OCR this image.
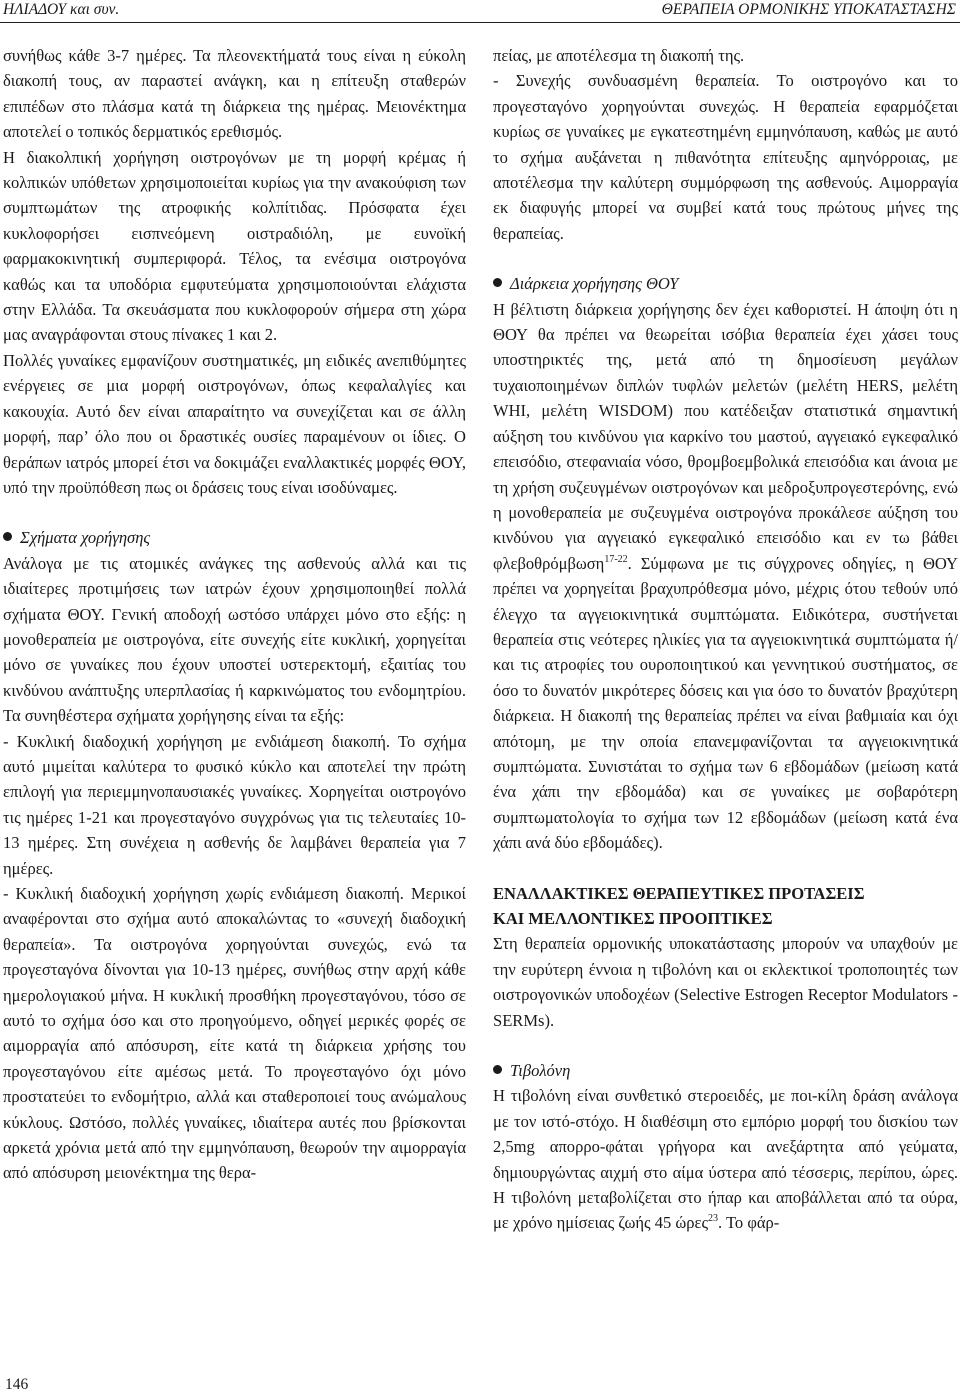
ΗΛΙΑΔΟΥ και συν.	ΘΕΡΑΠΕΙΑ ΟΡΜΟΝΙΚΗΣ ΥΠΟΚΑΤΑΣΤΑΣΗΣ

συνήθως κάθε 3-7 ημέρες. Τα πλεονεκτήματά τους είναι η εύκολη διακοπή τους, αν παραστεί ανάγκη, και η επίτευξη σταθερών επιπέδων στο πλάσμα κατά τη διάρκεια της ημέρας. Μειονέκτημα αποτελεί ο τοπικός δερματικός ερεθισμός.

Η διακολπική χορήγηση οιστρογόνων με τη μορφή κρέμας ή κολπικών υπόθετων χρησιμοποιείται κυρίως για την ανακούφιση των συμπτωμάτων της ατροφικής κολπίτιδας. Πρόσφατα έχει κυκλοφορήσει εισπνεόμενη οιστραδιόλη, με ευνοϊκή φαρμακοκινητική συμπεριφορά. Τέλος, τα ενέσιμα οιστρογόνα καθώς και τα υποδόρια εμφυτεύματα χρησιμοποιούνται ελάχιστα στην Ελλάδα. Τα σκευάσματα που κυκλοφορούν σήμερα στη χώρα μας αναγράφονται στους πίνακες 1 και 2.

Πολλές γυναίκες εμφανίζουν συστηματικές, μη ειδικές ανεπιθύμητες ενέργειες σε μια μορφή οιστρογόνων, όπως κεφαλαλγίες και κακουχία. Αυτό δεν είναι απαραίτητο να συνεχίζεται και σε άλλη μορφή, παρ’ όλο που οι δραστικές ουσίες παραμένουν οι ίδιες. Ο θεράπων ιατρός μπορεί έτσι να δοκιμάζει εναλλακτικές μορφές ΘΟΥ, υπό την προϋπόθεση πως οι δράσεις τους είναι ισοδύναμες.

Σχήματα χορήγησης

Ανάλογα με τις ατομικές ανάγκες της ασθενούς αλλά και τις ιδιαίτερες προτιμήσεις των ιατρών έχουν χρησιμοποιηθεί πολλά σχήματα ΘΟΥ. Γενική αποδοχή ωστόσο υπάρχει μόνο στο εξής: η μονοθεραπεία με οιστρογόνα, είτε συνεχής είτε κυκλική, χορηγείται μόνο σε γυναίκες που έχουν υποστεί υστερεκτομή, εξαιτίας του κινδύνου ανάπτυξης υπερπλασίας ή καρκινώματος του ενδομητρίου. Τα συνηθέστερα σχήματα χορήγησης είναι τα εξής:

- Κυκλική διαδοχική χορήγηση με ενδιάμεση διακοπή. Το σχήμα αυτό μιμείται καλύτερα το φυσικό κύκλο και αποτελεί την πρώτη επιλογή για περιεμμηνοπαυσιακές γυναίκες. Χορηγείται οιστρογόνο τις ημέρες 1-21 και προγεσταγόνο συγχρόνως για τις τελευταίες 10-13 ημέρες. Στη συνέχεια η ασθενής δε λαμβάνει θεραπεία για 7 ημέρες.

- Κυκλική διαδοχική χορήγηση χωρίς ενδιάμεση διακοπή. Μερικοί αναφέρονται στο σχήμα αυτό αποκαλώντας το «συνεχή διαδοχική θεραπεία». Τα οιστρογόνα χορηγούνται συνεχώς, ενώ τα προγεσταγόνα δίνονται για 10-13 ημέρες, συνήθως στην αρχή κάθε ημερολογιακού μήνα. Η κυκλική προσθήκη προγεσταγόνου, τόσο σε αυτό το σχήμα όσο και στο προηγούμενο, οδηγεί μερικές φορές σε αιμορραγία από απόσυρση, είτε κατά τη διάρκεια χρήσης του προγεσταγόνου είτε αμέσως μετά. Το προγεσταγόνο όχι μόνο προστατεύει το ενδομήτριο, αλλά και σταθεροποιεί τους ανώμαλους κύκλους. Ωστόσο, πολλές γυναίκες, ιδιαίτερα αυτές που βρίσκονται αρκετά χρόνια μετά από την εμμηνόπαυση, θεωρούν την αιμορραγία από απόσυρση μειονέκτημα της θερα-

πείας, με αποτέλεσμα τη διακοπή της.

- Συνεχής συνδυασμένη θεραπεία. Το οιστρογόνο και το προγεσταγόνο χορηγούνται συνεχώς. Η θεραπεία εφαρμόζεται κυρίως σε γυναίκες με εγκατεστημένη εμμηνόπαυση, καθώς με αυτό το σχήμα αυξάνεται η πιθανότητα επίτευξης αμηνόρροιας, με αποτέλεσμα την καλύτερη συμμόρφωση της ασθενούς. Αιμορραγία εκ διαφυγής μπορεί να συμβεί κατά τους πρώτους μήνες της θεραπείας.

Διάρκεια χορήγησης ΘΟΥ

Η βέλτιστη διάρκεια χορήγησης δεν έχει καθοριστεί. Η άποψη ότι η ΘΟΥ θα πρέπει να θεωρείται ισόβια θεραπεία έχει χάσει τους υποστηρικτές της, μετά από τη δημοσίευση μεγάλων τυχαιοποιημένων διπλών τυφλών μελετών (μελέτη HERS, μελέτη WHI, μελέτη WISDOM) που κατέδειξαν στατιστικά σημαντική αύξηση του κινδύνου για καρκίνο του μαστού, αγγειακό εγκεφαλικό επεισόδιο, στεφανιαία νόσο, θρομβοεμβολικά επεισόδια και άνοια με τη χρήση συζευγμένων οιστρογόνων και μεδροξυπρογεστερόνης, ενώ η μονοθεραπεία με συζευγμένα οιστρογόνα προκάλεσε αύξηση του κινδύνου για αγγειακό εγκεφαλικό επεισόδιο και εν τω βάθει φλεβοθρόμβωση$^{17-22}$. Σύμφωνα με τις σύγχρονες οδηγίες, η ΘΟΥ πρέπει να χορηγείται βραχυπρόθεσμα μόνο, μέχρις ότου τεθούν υπό έλεγχο τα αγγειοκινητικά συμπτώματα. Ειδικότερα, συστήνεται θεραπεία στις νεότερες ηλικίες για τα αγγειοκινητικά συμπτώματα ή/και τις ατροφίες του ουροποιητικού και γεννητικού συστήματος, σε όσο το δυνατόν μικρότερες δόσεις και για όσο το δυνατόν βραχύτερη διάρκεια. Η διακοπή της θεραπείας πρέπει να είναι βαθμιαία και όχι απότομη, με την οποία επανεμφανίζονται τα αγγειοκινητικά συμπτώματα. Συνιστάται το σχήμα των 6 εβδομάδων (μείωση κατά ένα χάπι την εβδομάδα) και σε γυναίκες με σοβαρότερη συμπτωματολογία το σχήμα των 12 εβδομάδων (μείωση κατά ένα χάπι ανά δύο εβδομάδες).

ΕΝΑΛΛΑΚΤΙΚΕΣ ΘΕΡΑΠΕΥΤΙΚΕΣ ΠΡΟΤΑΣΕΙΣ

ΚΑΙ ΜΕΛΛΟΝΤΙΚΕΣ ΠΡΟΟΠΤΙΚΕΣ

Στη θεραπεία ορμονικής υποκατάστασης μπορούν να υπαχθούν με την ευρύτερη έννοια η τιβολόνη και οι εκλεκτικοί τροποποιητές των οιστρογονικών υποδοχέων (Selective Estrogen Receptor Modulators - SERMs).

Τιβολόνη

Η τιβολόνη είναι συνθετικό στεροειδές, με ποι-κίλη δράση ανάλογα με τον ιστό-στόχο. Η διαθέσιμη στο εμπόριο μορφή του δισκίου των 2,5mg απορρο-φάται γρήγορα και ανεξάρτητα από γεύματα, δημιουργώντας αιχμή στο αίμα ύστερα από τέσσερις, περίπου, ώρες. Η τιβολόνη μεταβολίζεται στο ήπαρ και αποβάλλεται από τα ούρα, με χρόνο ημίσειας ζωής 45 ώρες$^{23}$. Το φάρ-

146
